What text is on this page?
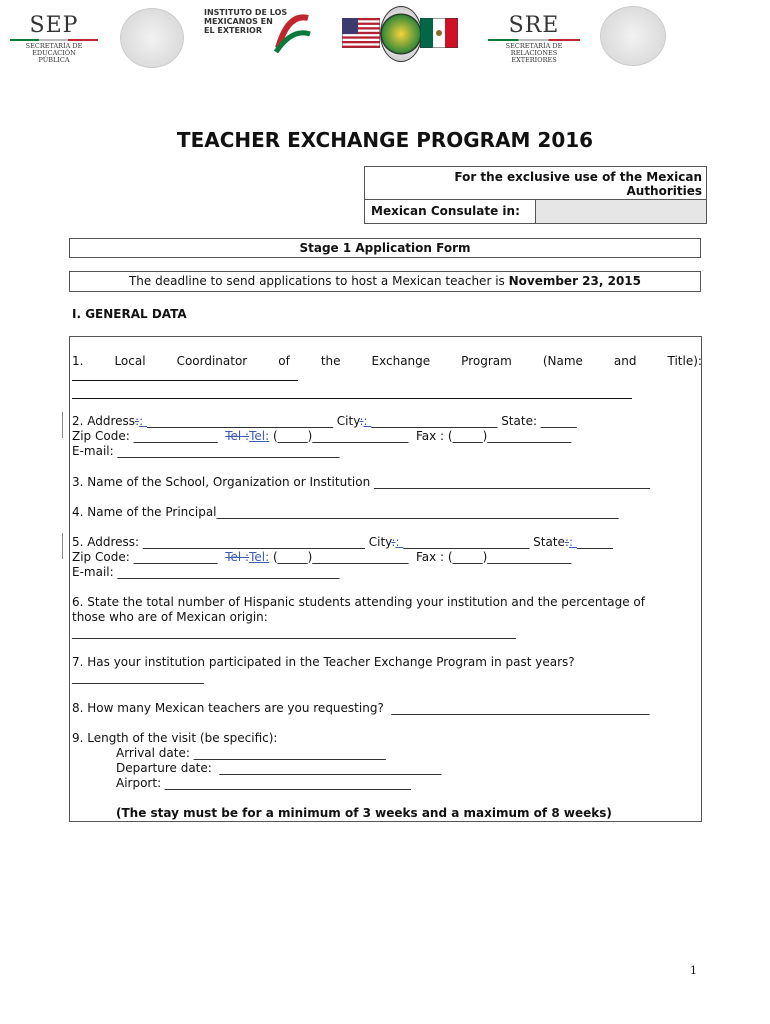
SEP
SECRETARÍA DE EDUCACIÓN PÚBLICA
INSTITUTO DE LOS
MEXICANOS EN
EL EXTERIOR	SRE
SECRETARÍA DE RELACIONES EXTERIORES
TEACHER EXCHANGE PROGRAM 2016
For the exclusive use of the Mexican Authorities
Mexican Consulate in:
Stage 1 Application Form
The deadline to send applications to host a Mexican teacher is November 23, 2015
I. GENERAL DATA
1.	Local	Coordinator	of	the	Exchange	Program	(Name	and	Title):
2. Address:: _______________________________ City:: _____________________ State: ______
Zip Code: ______________ Tel :Tel: (_____)________________ Fax : (_____)______________
E-mail: _____________________________________
3. Name of the School, Organization or Institution ______________________________________________
4. Name of the Principal___________________________________________________________________
5. Address: _____________________________________ City:: _____________________ State:: ______
Zip Code: ______________ Tel :Tel: (_____)________________ Fax : (_____)______________
E-mail: _____________________________________
6. State the total number of Hispanic students attending your institution and the percentage of
those who are of Mexican origin:
__________________________________________________________________________
7. Has your institution participated in the Teacher Exchange Program in past years?
______________________
8. How many Mexican teachers are you requesting?  ___________________________________________
9. Length of the visit (be specific):
Arrival date: ________________________________
Departure date:  _____________________________________
Airport: _________________________________________
(The stay must be for a minimum of 3 weeks and a maximum of 8 weeks)
1
